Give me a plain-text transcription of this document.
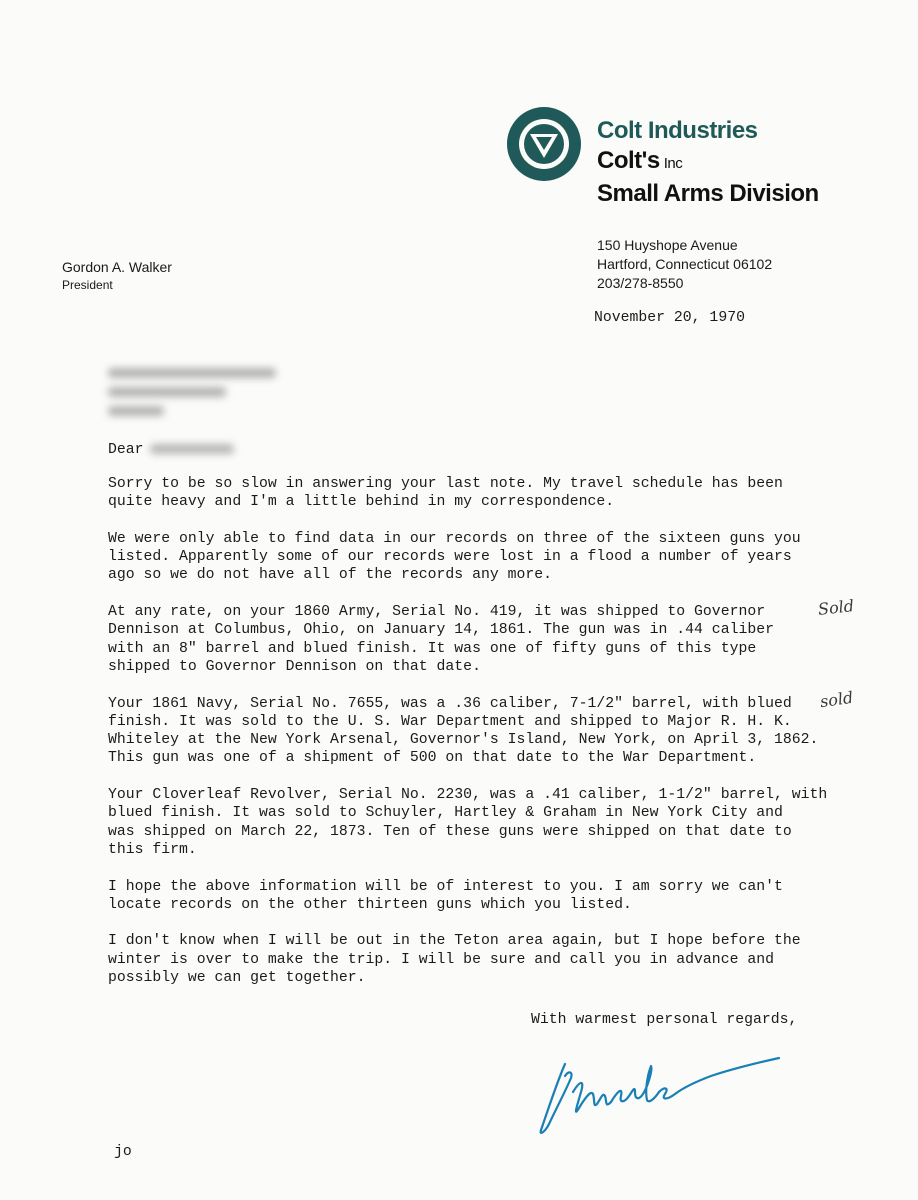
Colt Industries
Colt's Inc
Small Arms Division
150 Huyshope Avenue
Hartford, Connecticut 06102
203/278-8550
Gordon A. Walker
President
November 20, 1970
Dear

Sorry to be so slow in answering your last note. My travel schedule has been
quite heavy and I'm a little behind in my correspondence.

We were only able to find data in our records on three of the sixteen guns you
listed. Apparently some of our records were lost in a flood a number of years
ago so we do not have all of the records any more.

At any rate, on your 1860 Army, Serial No. 419, it was shipped to Governor
Dennison at Columbus, Ohio, on January 14, 1861. The gun was in .44 caliber
with an 8" barrel and blued finish. It was one of fifty guns of this type
shipped to Governor Dennison on that date.

Your 1861 Navy, Serial No. 7655, was a .36 caliber, 7-1/2" barrel, with blued
finish. It was sold to the U. S. War Department and shipped to Major R. H. K.
Whiteley at the New York Arsenal, Governor's Island, New York, on April 3, 1862.
This gun was one of a shipment of 500 on that date to the War Department.

Your Cloverleaf Revolver, Serial No. 2230, was a .41 caliber, 1-1/2" barrel, with
blued finish. It was sold to Schuyler, Hartley & Graham in New York City and
was shipped on March 22, 1873. Ten of these guns were shipped on that date to
this firm.

I hope the above information will be of interest to you. I am sorry we can't
locate records on the other thirteen guns which you listed.

I don't know when I will be out in the Teton area again, but I hope before the
winter is over to make the trip. I will be sure and call you in advance and
possibly we can get together.

Sold
sold
With warmest personal regards,
jo
